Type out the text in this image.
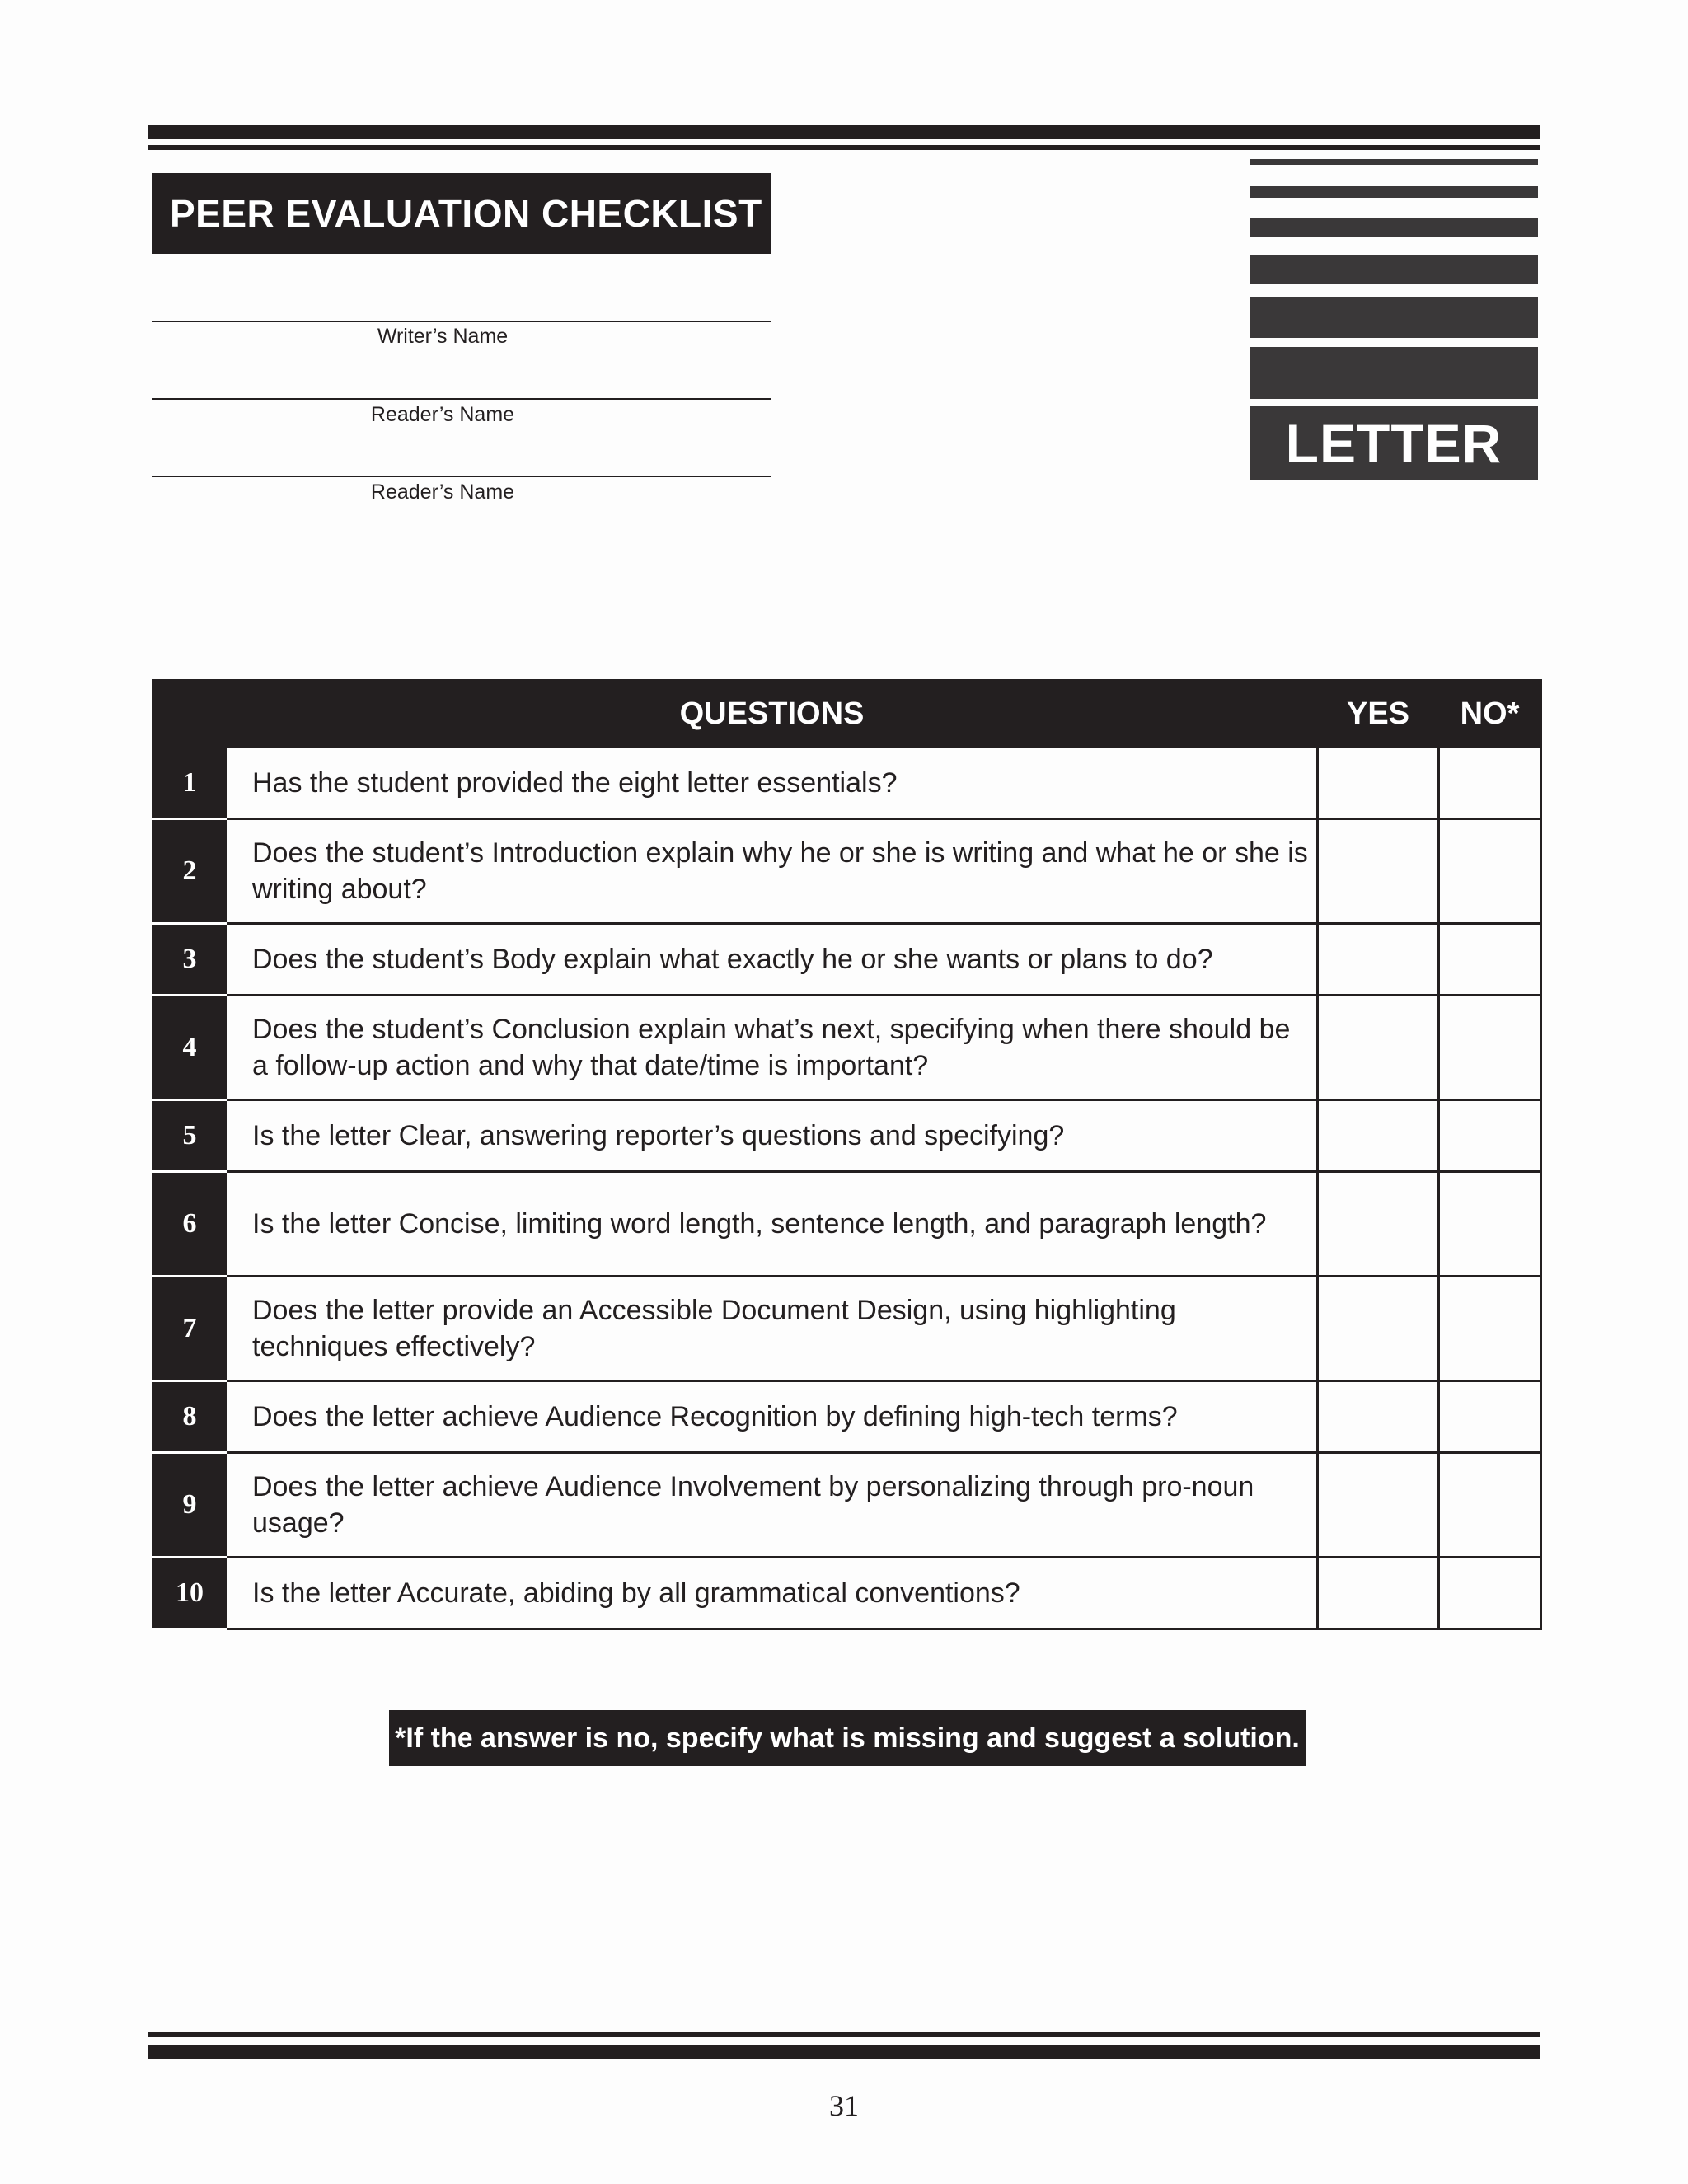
PEER EVALUATION CHECKLIST
Writer’s Name
Reader’s Name
Reader’s Name
LETTER
	QUESTIONS	YES	NO*
1	Has the student provided the eight letter essentials?		
2	Does the student’s Introduction explain why he or she is writing and what he or she is writing about?		
3	Does the student’s Body explain what exactly he or she wants or plans to do?		
4	Does the student’s Conclusion explain what’s next, specifying when there should be a follow-up action and why that date/time is important?		
5	Is the letter Clear, answering reporter’s questions and specifying?		
6	Is the letter Concise, limiting word length, sentence length, and paragraph length?		
7	Does the letter provide an Accessible Document Design, using highlighting techniques effectively?		
8	Does the letter achieve Audience Recognition by defining high-tech terms?		
9	Does the letter achieve Audience Involvement by personalizing through pro-noun usage?		
10	Is the letter Accurate, abiding by all grammatical conventions?		
*If the answer is no, specify what is missing and suggest a solution.
31
